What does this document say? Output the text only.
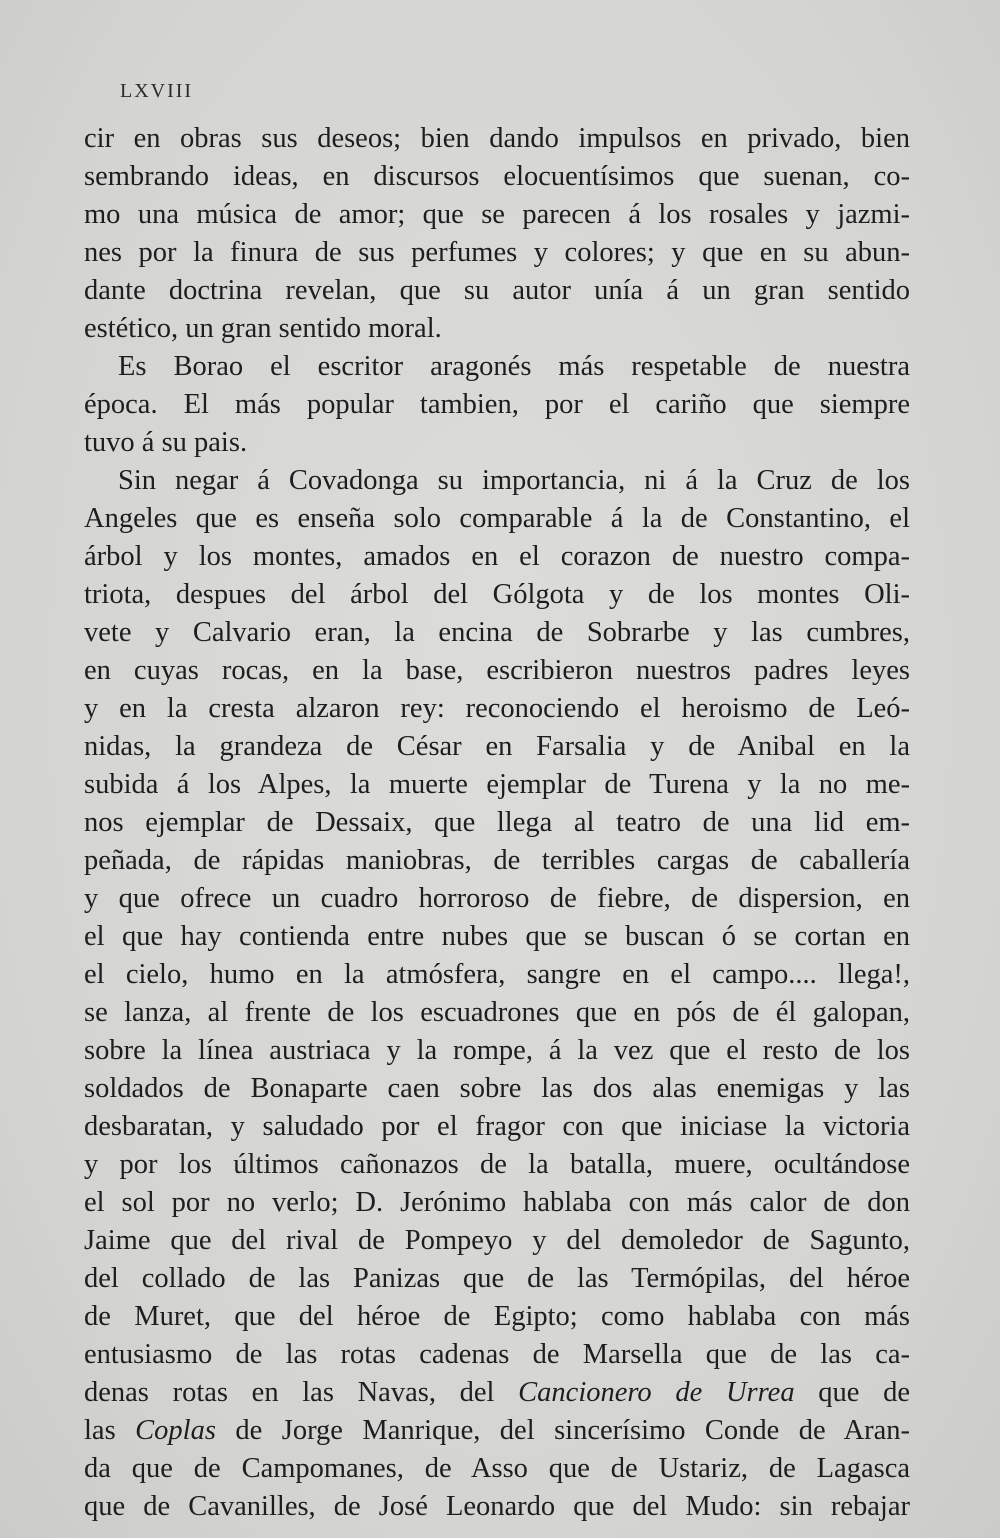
LXVIII
cir en obras sus deseos; bien dando impulsos en privado, bien
sembrando ideas, en discursos elocuentísimos que suenan, co-
mo una música de amor; que se parecen á los rosales y jazmi-
nes por la finura de sus perfumes y colores; y que en su abun-
dante doctrina revelan, que su autor unía á un gran sentido
estético, un gran sentido moral.
Es Borao el escritor aragonés más respetable de nuestra
época. El más popular tambien, por el cariño que siempre
tuvo á su pais.
Sin negar á Covadonga su importancia, ni á la Cruz de los
Angeles que es enseña solo comparable á la de Constantino, el
árbol y los montes, amados en el corazon de nuestro compa-
triota, despues del árbol del Gólgota y de los montes Oli-
vete y Calvario eran, la encina de Sobrarbe y las cumbres,
en cuyas rocas, en la base, escribieron nuestros padres leyes
y en la cresta alzaron rey: reconociendo el heroismo de Leó-
nidas, la grandeza de César en Farsalia y de Anibal en la
subida á los Alpes, la muerte ejemplar de Turena y la no me-
nos ejemplar de Dessaix, que llega al teatro de una lid em-
peñada, de rápidas maniobras, de terribles cargas de caballería
y que ofrece un cuadro horroroso de fiebre, de dispersion, en
el que hay contienda entre nubes que se buscan ó se cortan en
el cielo, humo en la atmósfera, sangre en el campo.... llega!,
se lanza, al frente de los escuadrones que en pós de él galopan,
sobre la línea austriaca y la rompe, á la vez que el resto de los
soldados de Bonaparte caen sobre las dos alas enemigas y las
desbaratan, y saludado por el fragor con que iniciase la victoria
y por los últimos cañonazos de la batalla, muere, ocultándose
el sol por no verlo; D. Jerónimo hablaba con más calor de don
Jaime que del rival de Pompeyo y del demoledor de Sagunto,
del collado de las Panizas que de las Termópilas, del héroe
de Muret, que del héroe de Egipto; como hablaba con más
entusiasmo de las rotas cadenas de Marsella que de las ca-
denas rotas en las Navas, del Cancionero de Urrea que de
las Coplas de Jorge Manrique, del sincerísimo Conde de Aran-
da que de Campomanes, de Asso que de Ustariz, de Lagasca
que de Cavanilles, de José Leonardo que del Mudo: sin rebajar
